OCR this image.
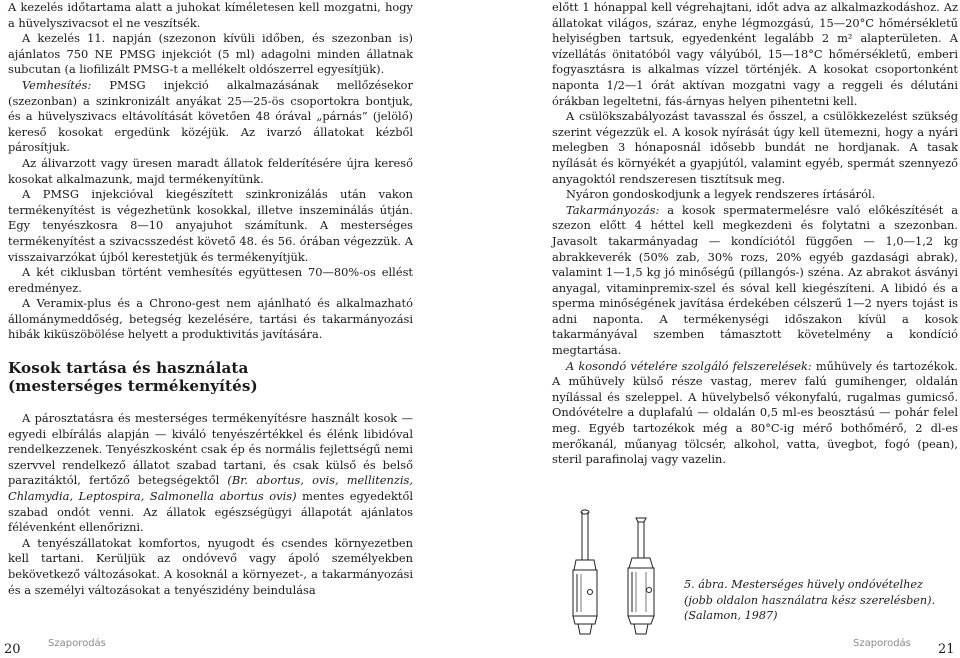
A kezelés időtartama alatt a juhokat kíméletesen kell mozgatni, hogy a hüvelyszivacsot el ne veszítsék.

A kezelés 11. napján (szezonon kívüli időben, és szezonban is) ajánlatos 750 NE PMSG injekciót (5 ml) adagolni minden állatnak subcutan (a liofilizált PMSG-t a mellékelt oldószerrel egyesítjük).

Vemhesítés: PMSG injekció alkalmazásának mellőzésekor (szezonban) a szinkronizált anyákat 25—25-ös csoportokra bontjuk, és a hüvelyszivacs eltávolítását követően 48 órával „párnás” (jelölő) kereső kosokat ergedünk közéjük. Az ivarzó állatokat kézből párosítjuk.

Az álivarzott vagy üresen maradt állatok felderítésére újra kereső kosokat alkalmazunk, majd termékenyítünk.

A PMSG injekcióval kiegészített szinkronizálás után vakon termékenyítést is végezhetünk kosokkal, illetve inszeminálás útján. Egy tenyészkosra 8—10 anyajuhot számítunk. A mesterséges termékenyítést a szivacsszedést követő 48. és 56. órában végezzük. A visszaivarzókat újból kerestetjük és termékenyítjük.

A két ciklusban történt vemhesítés együttesen 70—80%-os ellést eredményez.

A Veramix-plus és a Chrono-gest nem ajánlható és alkalmazható állománymeddőség, betegség kezelésére, tartási és takarmányozási hibák kiküszöbölése helyett a produktivitás javítására.

Kosok tartása és használata
(mesterséges termékenyítés)

A párosztatásra és mesterséges termékenyítésre használt kosok — egyedi elbírálás alapján — kiváló tenyészértékkel és élénk libidóval rendelkezzenek. Tenyészkosként csak ép és normális fejlettségű nemi szervvel rendelkező állatot szabad tartani, és csak külső és belső parazitáktól, fertőző betegségektől (Br. abortus, ovis, mellitenzis, Chlamydia, Leptospira, Salmonella abortus ovis) mentes egyedektől szabad ondót venni. Az állatok egészségügyi állapotát ajánlatos félévenként ellenőrizni.

A tenyészállatokat komfortos, nyugodt és csendes környezetben kell tartani. Kerüljük az ondóvevő vagy ápoló személyekben bekövetkező változásokat. A kosoknál a környezet-, a takarmányozási és a személyi változásokat a tenyészidény beindulása

előtt 1 hónappal kell végrehajtani, időt adva az alkalmazkodáshoz. Az állatokat világos, száraz, enyhe légmozgású, 15—20°C hőmérsékletű helyiségben tartsuk, egyedenként legalább 2 m² alapterületen. A vízellátás önitatóból vagy vályúból, 15—18°C hőmérsékletű, emberi fogyasztásra is alkalmas vízzel történjék. A kosokat csoportonként naponta 1/2—1 órát aktívan mozgatni vagy a reggeli és délutáni órákban legeltetni, fás-árnyas helyen pihentetni kell.

A csülökszabályozást tavasszal és ősszel, a csülökkezelést szükség szerint végezzük el. A kosok nyírását úgy kell ütemezni, hogy a nyári melegben 3 hónaposnál idősebb bundát ne hordjanak. A tasak nyílását és környékét a gyapjútól, valamint egyéb, spermát szennyező anyagoktól rendszeresen tisztítsuk meg.

Nyáron gondoskodjunk a legyek rendszeres írtásáról.

Takarmányozás: a kosok spermatermelésre való előkészítését a szezon előtt 4 héttel kell megkezdeni és folytatni a szezonban. Javasolt takarmányadag — kondíciótól függően — 1,0—1,2 kg abrakkeverék (50% zab, 30% rozs, 20% egyéb gazdasági abrak), valamint 1—1,5 kg jó minőségű (pillangós-) széna. Az abrakot ásványi anyagal, vitaminpremix-szel és sóval kell kiegészíteni. A libidó és a sperma minőségének javítása érdekében célszerű 1—2 nyers tojást is adni naponta. A termékenységi időszakon kívül a kosok takarmányával szemben támasztott követelmény a kondíció megtartása.

A kosondó vételére szolgáló felszerelések: műhüvely és tartozékok. A műhüvely külső része vastag, merev falú gumihenger, oldalán nyílással és szeleppel. A hüvelybelső vékonyfalú, rugalmas gumicső. Ondóvételre a duplafalú — oldalán 0,5 ml-es beosztású — pohár felel meg. Egyéb tartozékok még a 80°C-ig mérő bothőmérő, 2 dl-es merőkanál, műanyag tölcsér, alkohol, vatta, üvegbot, fogó (pean), steril parafinolaj vagy vazelin.

5. ábra. Mesterséges hüvely ondóvételhez
(jobb oldalon használatra kész szerelésben).
(Salamon, 1987)
20	Szaporodás	Szaporodás 21
